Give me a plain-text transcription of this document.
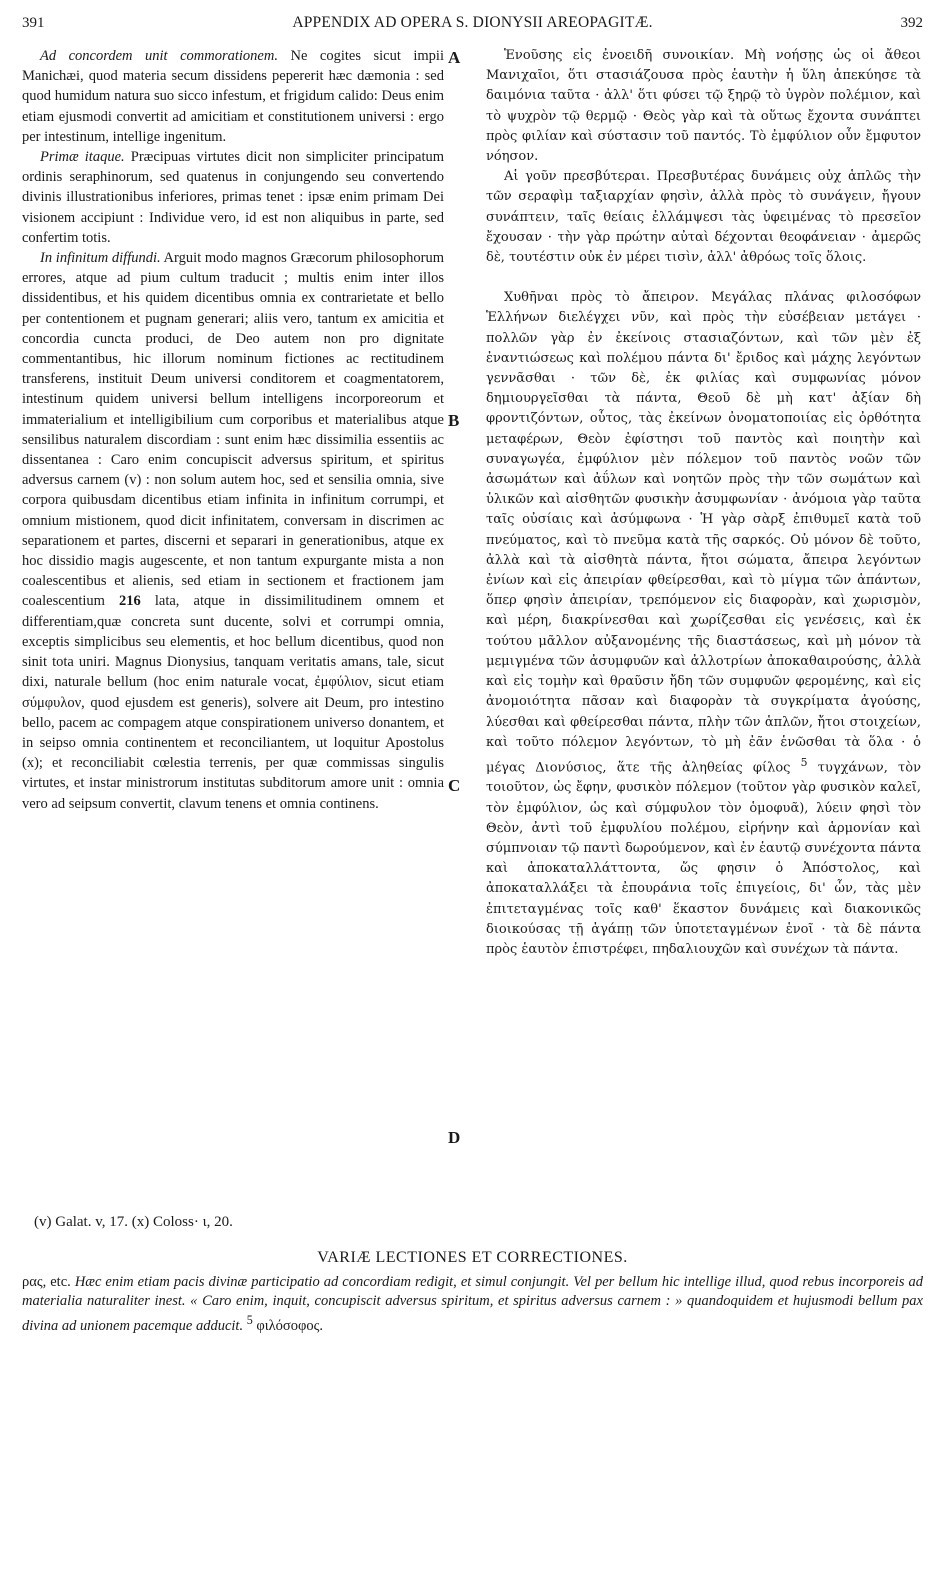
391	APPENDIX AD OPERA S. DIONYSII AREOPAGITÆ.	392

Ad concordem unit commorationem. Ne cogites sicut impii Manichæi, quod materia secum dissidens pepererit hæc dæmonia : sed quod humidum natura suo sicco infestum, et frigidum calido: Deus enim etiam ejusmodi convertit ad amicitiam et constitutionem universi : ergo per intestinum, intellige ingenitum.

Primæ itaque. Præcipuas virtutes dicit non simpliciter principatum ordinis seraphinorum, sed quatenus in conjungendo seu convertendo divinis illustrationibus inferiores, primas tenet : ipsæ enim primam Dei visionem accipiunt : Individue vero, id est non aliquibus in parte, sed confertim totis.

In infinitum diffundi. Arguit modo magnos Græcorum philosophorum errores, atque ad pium cultum traducit ; multis enim inter illos dissidentibus, et his quidem dicentibus omnia ex contrarietate et bello per contentionem et pugnam generari; aliis vero, tantum ex amicitia et concordia cuncta produci, de Deo autem non pro dignitate commentantibus, hic illorum nominum fictiones ac rectitudinem transferens, instituit Deum universi conditorem et coagmentatorem, intestinum quidem universi bellum intelligens incorporeorum et immaterialium et intelligibilium cum corporibus et materialibus atque sensilibus naturalem discordiam : sunt enim hæc dissimilia essentiis ac dissentanea : Caro enim concupiscit adversus spiritum, et spiritus adversus carnem (v) : non solum autem hoc, sed et sensilia omnia, sive corpora quibusdam dicentibus etiam infinita in infinitum corrumpi, et omnium mistionem, quod dicit infinitatem, conversam in discrimen ac separationem et partes, discerni et separari in generationibus, atque ex hoc dissidio magis augescente, et non tantum expurgante mista a non coalescentibus et alienis, sed etiam in sectionem et fractionem jam coalescentium 216 lata, atque in dissimilitudinem omnem et differentiam,quæ concreta sunt ducente, solvi et corrumpi omnia, exceptis simplicibus seu elementis, et hoc bellum dicentibus, quod non sinit tota uniri. Magnus Dionysius, tanquam veritatis amans, tale, sicut dixi, naturale bellum (hoc enim naturale vocat, ἐμφύλιον, sicut etiam σύμφυλον, quod ejusdem est generis), solvere ait Deum, pro intestino bello, pacem ac compagem atque conspirationem universo donantem, et in seipso omnia continentem et reconciliantem, ut loquitur Apostolus (x); et reconciliabit cœlestia terrenis, per quæ commissas singulis virtutes, et instar ministrorum institutas subditorum amore unit : omnia vero ad seipsum convertit, clavum tenens et omnia continens.

A
B
C
D

Ἑνοῦσης εἰς ἐνοειδῆ συνοικίαν. Μὴ νοήσῃς ὡς οἱ ἄθεοι Μανιχαῖοι, ὅτι στασιάζουσα πρὸς ἑαυτὴν ἡ ὕλη ἀπεκύησε τὰ δαιμόνια ταῦτα · ἀλλ' ὅτι φύσει τῷ ξηρῷ τὸ ὑγρὸν πολέμιον, καὶ τὸ ψυχρὸν τῷ θερμῷ · Θεὸς γὰρ καὶ τὰ οὕτως ἔχοντα συνάπτει πρὸς φιλίαν καὶ σύστασιν τοῦ παντός. Τὸ ἐμφύλιον οὖν ἔμφυτον νόησον.

Αἱ γοῦν πρεσβύτεραι. Πρεσβυτέρας δυνάμεις οὐχ ἁπλῶς τὴν τῶν σεραφὶμ ταξιαρχίαν φησὶν, ἀλλὰ πρὸς τὸ συνάγειν, ἤγουν συνάπτειν, ταῖς θείαις ἐλλάμψεσι τὰς ὑφειμένας τὸ πρεσεῖον ἔχουσαν · τὴν γὰρ πρώτην αὐταὶ δέχονται θεοφάνειαν · ἀμερῶς δὲ, τουτέστιν οὐκ ἐν μέρει τισὶν, ἀλλ' ἀθρόως τοῖς ὅλοις.

Χυθῆναι πρὸς τὸ ἄπειρον. Μεγάλας πλάνας φιλοσόφων Ἑλλήνων διελέγχει νῦν, καὶ πρὸς τὴν εὐσέβειαν μετάγει · πολλῶν γὰρ ἐν ἐκείνοις στασιαζόντων, καὶ τῶν μὲν ἐξ ἐναντιώσεως καὶ πολέμου πάντα δι' ἔριδος καὶ μάχης λεγόντων γεννᾶσθαι · τῶν δὲ, ἐκ φιλίας καὶ συμφωνίας μόνον δημιουργεῖσθαι τὰ πάντα, Θεοῦ δὲ μὴ κατ' ἀξίαν δὴ φροντιζόντων, οὗτος, τὰς ἐκείνων ὀνοματοποιίας εἰς ὀρθότητα μεταφέρων, Θεὸν ἐφίστησι τοῦ παντὸς καὶ ποιητὴν καὶ συναγωγέα, ἐμφύλιον μὲν πόλεμον τοῦ παντὸς νοῶν τῶν ἀσωμάτων καὶ ἀΰλων καὶ νοητῶν πρὸς τὴν τῶν σωμάτων καὶ ὑλικῶν καὶ αἰσθητῶν φυσικὴν ἀσυμφωνίαν · ἀνόμοια γὰρ ταῦτα ταῖς οὐσίαις καὶ ἀσύμφωνα · Ἡ γὰρ σὰρξ ἐπιθυμεῖ κατὰ τοῦ πνεύματος, καὶ τὸ πνεῦμα κατὰ τῆς σαρκός. Οὐ μόνον δὲ τοῦτο, ἀλλὰ καὶ τὰ αἰσθητὰ πάντα, ἤτοι σώματα, ἄπειρα λεγόντων ἐνίων καὶ εἰς ἀπειρίαν φθείρεσθαι, καὶ τὸ μίγμα τῶν ἁπάντων, ὅπερ φησὶν ἀπειρίαν, τρεπόμενον εἰς διαφορὰν, καὶ χωρισμὸν, καὶ μέρη, διακρίνεσθαι καὶ χωρίζεσθαι εἰς γενέσεις, καὶ ἐκ τούτου μᾶλλον αὐξανομένης τῆς διαστάσεως, καὶ μὴ μόνον τὰ μεμιγμένα τῶν ἀσυμφυῶν καὶ ἀλλοτρίων ἀποκαθαιρούσης, ἀλλὰ καὶ εἰς τομὴν καὶ θραῦσιν ἤδη τῶν συμφυῶν φερομένης, καὶ εἰς ἀνομοιότητα πᾶσαν καὶ διαφορὰν τὰ συγκρίματα ἀγούσης, λύεσθαι καὶ φθείρεσθαι πάντα, πλὴν τῶν ἁπλῶν, ἤτοι στοιχείων, καὶ τοῦτο πόλεμον λεγόντων, τὸ μὴ ἐᾶν ἑνῶσθαι τὰ ὅλα · ὁ μέγας Διονύσιος, ἅτε τῆς ἀληθείας φίλος $^5$ τυγχάνων, τὸν τοιοῦτον, ὡς ἔφην, φυσικὸν πόλεμον (τοῦτον γὰρ φυσικὸν καλεῖ, τὸν ἐμφύλιον, ὡς καὶ σύμφυλον τὸν ὁμοφυᾶ), λύειν φησὶ τὸν Θεὸν, ἀντὶ τοῦ ἐμφυλίου πολέμου, εἰρήνην καὶ ἁρμονίαν καὶ σύμπνοιαν τῷ παντὶ δωρούμενον, καὶ ἐν ἑαυτῷ συνέχοντα πάντα καὶ ἀποκαταλλάττοντα, ὥς φησιν ὁ Ἀπόστολος, καὶ ἀποκαταλλάξει τὰ ἐπουράνια τοῖς ἐπιγείοις, δι' ὧν, τὰς μὲν ἐπιτεταγμένας τοῖς καθ' ἕκαστον δυνάμεις καὶ διακονικῶς διοικούσας τῇ ἀγάπῃ τῶν ὑποτεταγμένων ἑνοῖ · τὰ δὲ πάντα πρὸς ἑαυτὸν ἐπιστρέφει, πηδαλιουχῶν καὶ συνέχων τὰ πάντα.

(v) Galat. v, 17. (x) Coloss· ι, 20.
VARIÆ LECTIONES ET CORRECTIONES.
ρας, etc. Hæc enim etiam pacis divinæ participatio ad concordiam redigit, et simul conjungit. Vel per bellum hic intellige illud, quod rebus incorporeis ad materialia naturaliter inest. « Caro enim, inquit, concupiscit adversus spiritum, et spiritus adversus carnem : » quandoquidem et hujusmodi bellum pax divina ad unionem pacemque adducit. $^5$ φιλόσοφος.
